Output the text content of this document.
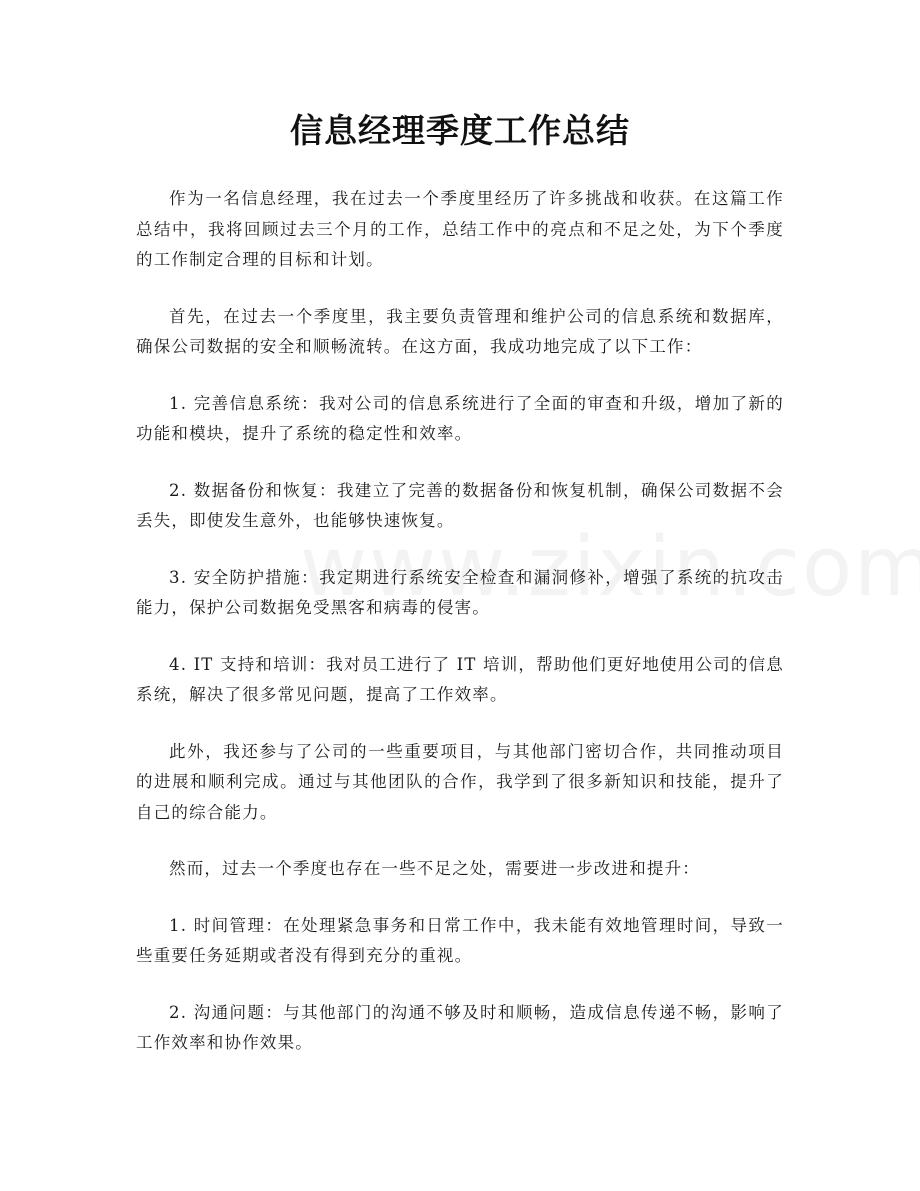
信息经理季度工作总结

作为一名信息经理，我在过去一个季度里经历了许多挑战和收获。在这篇工作总结中，我将回顾过去三个月的工作，总结工作中的亮点和不足之处，为下个季度的工作制定合理的目标和计划。

首先，在过去一个季度里，我主要负责管理和维护公司的信息系统和数据库，确保公司数据的安全和顺畅流转。在这方面，我成功地完成了以下工作：

1. 完善信息系统：我对公司的信息系统进行了全面的审查和升级，增加了新的功能和模块，提升了系统的稳定性和效率。

2. 数据备份和恢复：我建立了完善的数据备份和恢复机制，确保公司数据不会丢失，即使发生意外，也能够快速恢复。

3. 安全防护措施：我定期进行系统安全检查和漏洞修补，增强了系统的抗攻击能力，保护公司数据免受黑客和病毒的侵害。

4. IT 支持和培训：我对员工进行了 IT 培训，帮助他们更好地使用公司的信息系统，解决了很多常见问题，提高了工作效率。

此外，我还参与了公司的一些重要项目，与其他部门密切合作，共同推动项目的进展和顺利完成。通过与其他团队的合作，我学到了很多新知识和技能，提升了自己的综合能力。

然而，过去一个季度也存在一些不足之处，需要进一步改进和提升：

1. 时间管理：在处理紧急事务和日常工作中，我未能有效地管理时间，导致一些重要任务延期或者没有得到充分的重视。

2. 沟通问题：与其他部门的沟通不够及时和顺畅，造成信息传递不畅，影响了工作效率和协作效果。
